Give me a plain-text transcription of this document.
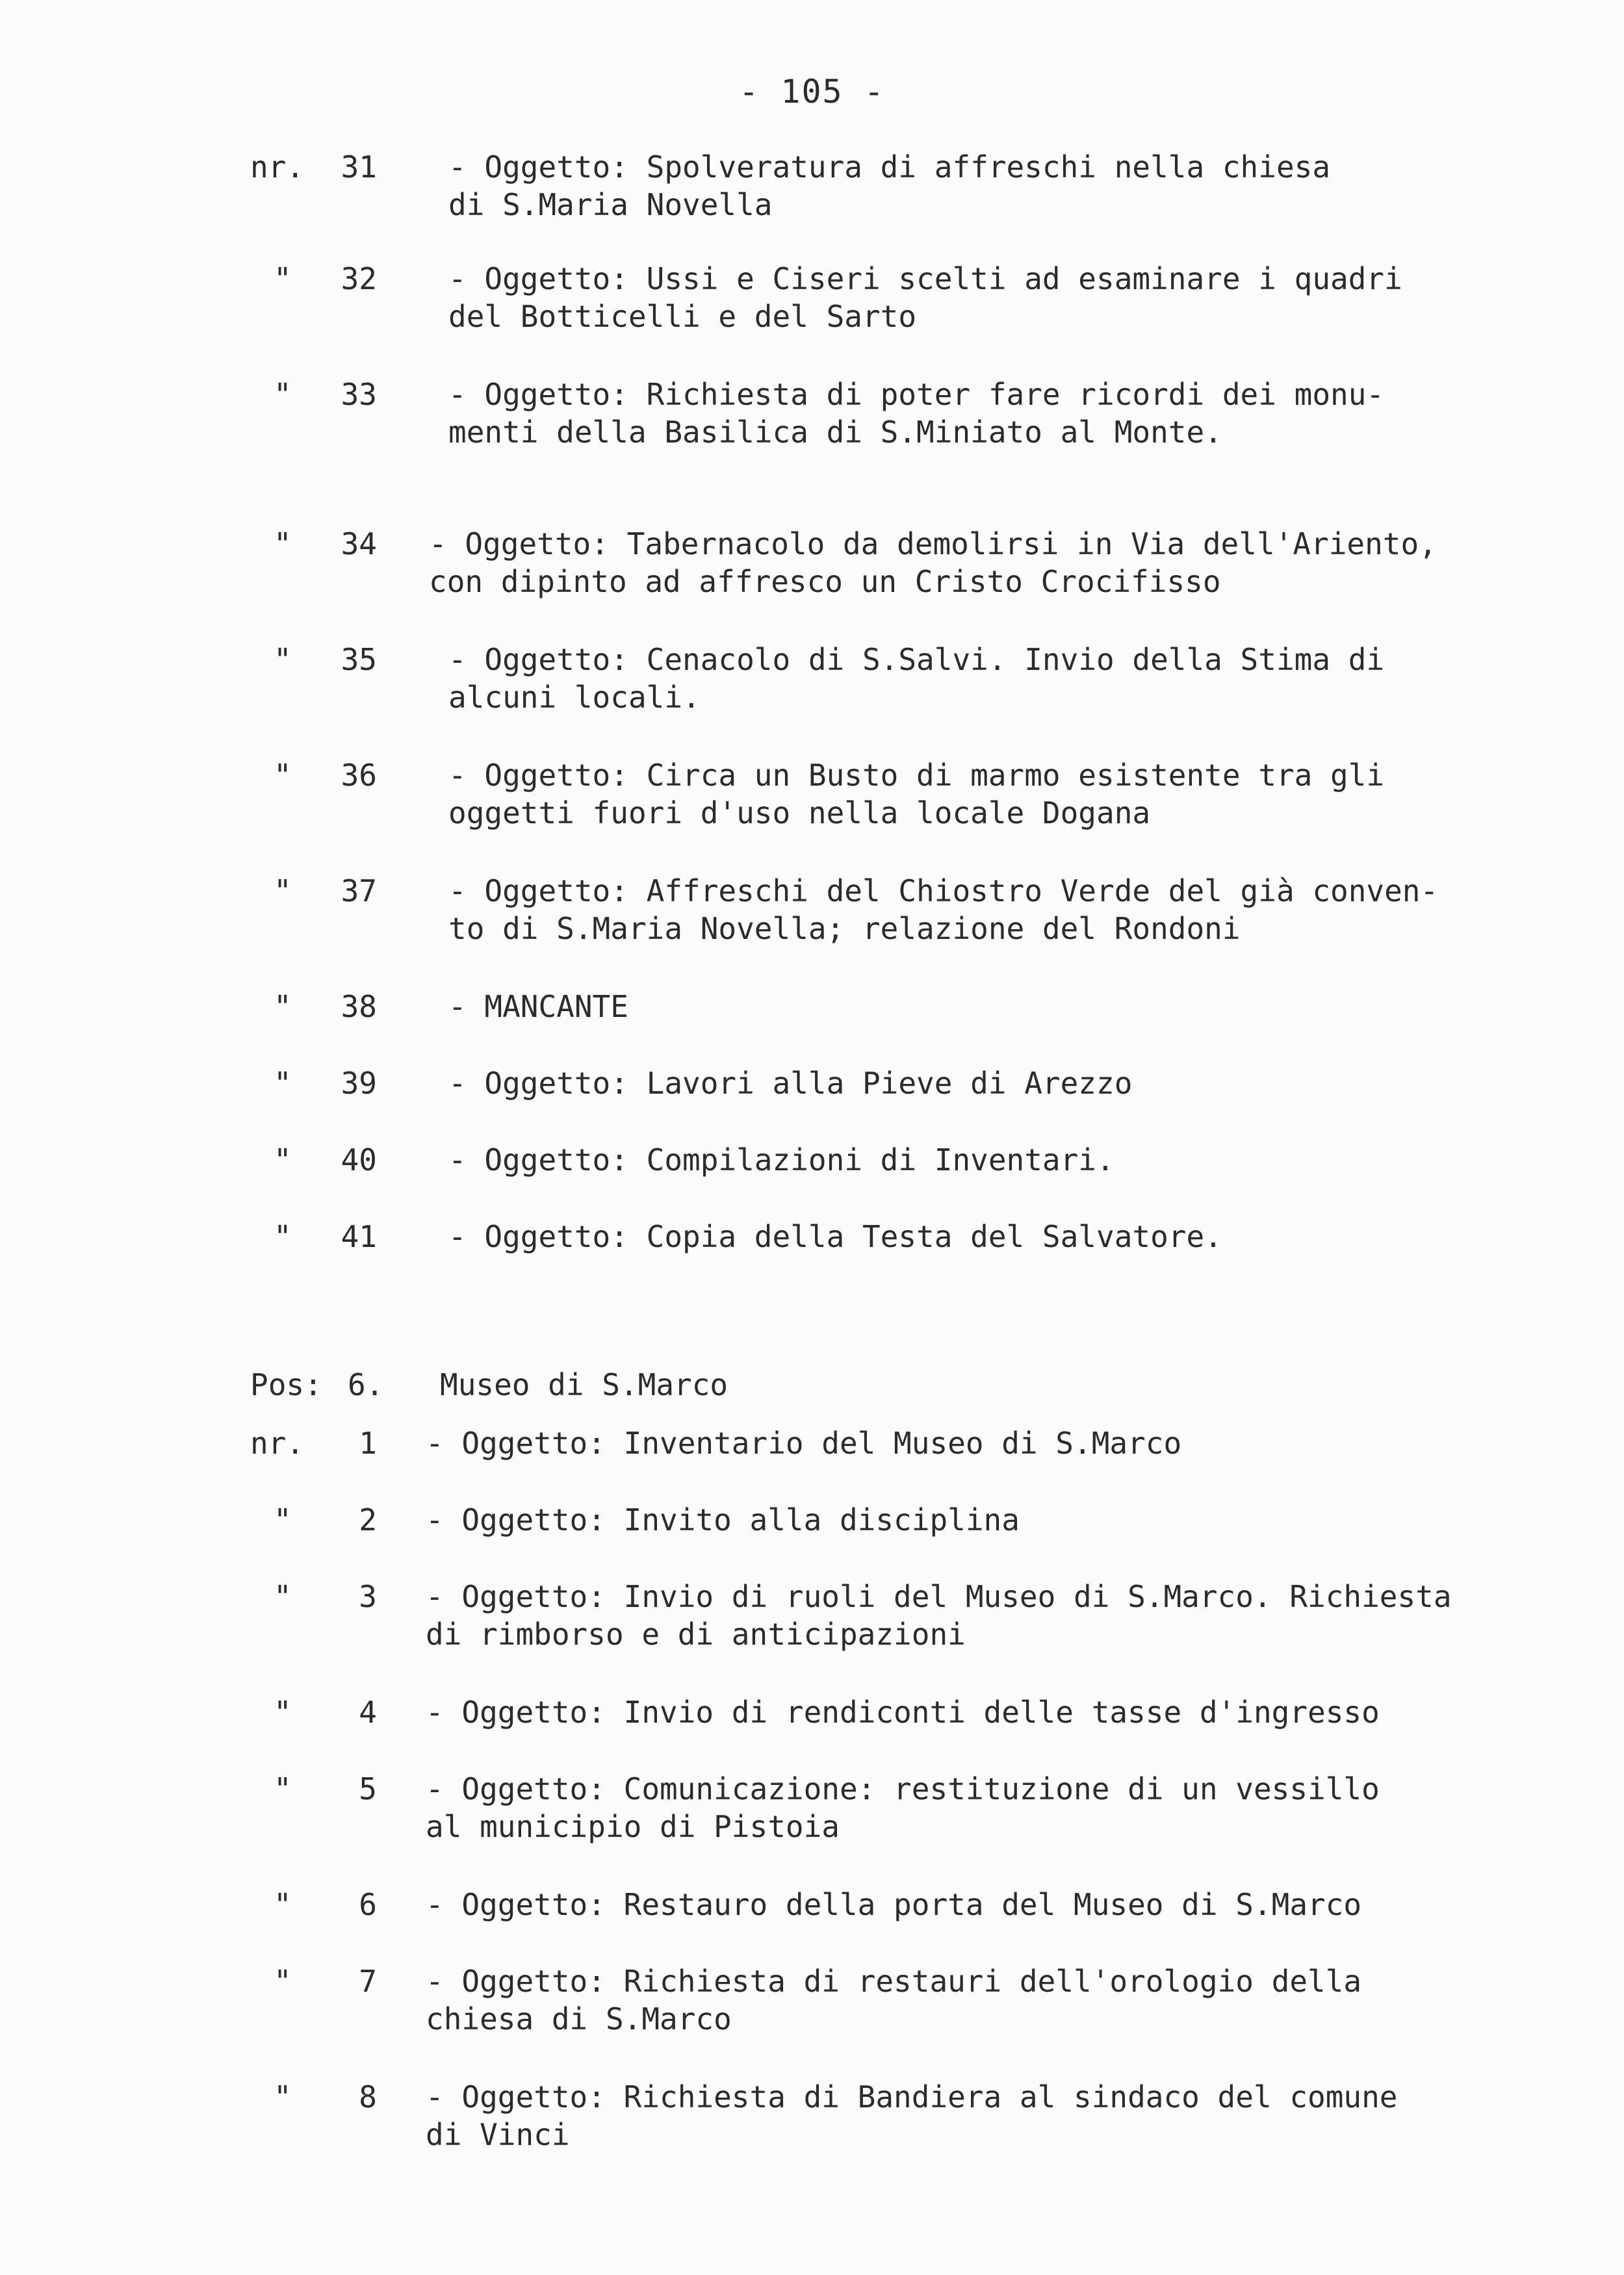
- 105 -
nr.	31 - Oggetto: Spolveratura di affreschi nella chiesa
di S.Maria Novella
"	32 - Oggetto: Ussi e Ciseri scelti ad esaminare i quadri
del Botticelli e del Sarto
"	33 - Oggetto: Richiesta di poter fare ricordi dei monu-
menti della Basilica di S.Miniato al Monte.
"	34 - Oggetto: Tabernacolo da demolirsi in Via dell'Ariento,
con dipinto ad affresco un Cristo Crocifisso
"	35 - Oggetto: Cenacolo di S.Salvi. Invio della Stima di
alcuni locali.
"	36 - Oggetto: Circa un Busto di marmo esistente tra gli
oggetti fuori d'uso nella locale Dogana
"	37 - Oggetto: Affreschi del Chiostro Verde del già conven-
to di S.Maria Novella; relazione del Rondoni
"	38 - MANCANTE
"	39 - Oggetto: Lavori alla Pieve di Arezzo
"	40 - Oggetto: Compilazioni di Inventari.
"	41 - Oggetto: Copia della Testa del Salvatore.
Pos: 6. Museo di S.Marco
nr.	1 - Oggetto: Inventario del Museo di S.Marco
"	2 - Oggetto: Invito alla disciplina
"	3 - Oggetto: Invio di ruoli del Museo di S.Marco. Richiesta
di rimborso e di anticipazioni
"	4 - Oggetto: Invio di rendiconti delle tasse d'ingresso
"	5 - Oggetto: Comunicazione: restituzione di un vessillo
al municipio di Pistoia
"	6 - Oggetto: Restauro della porta del Museo di S.Marco
"	7 - Oggetto: Richiesta di restauri dell'orologio della
chiesa di S.Marco
"	8 - Oggetto: Richiesta di Bandiera al sindaco del comune
di Vinci
